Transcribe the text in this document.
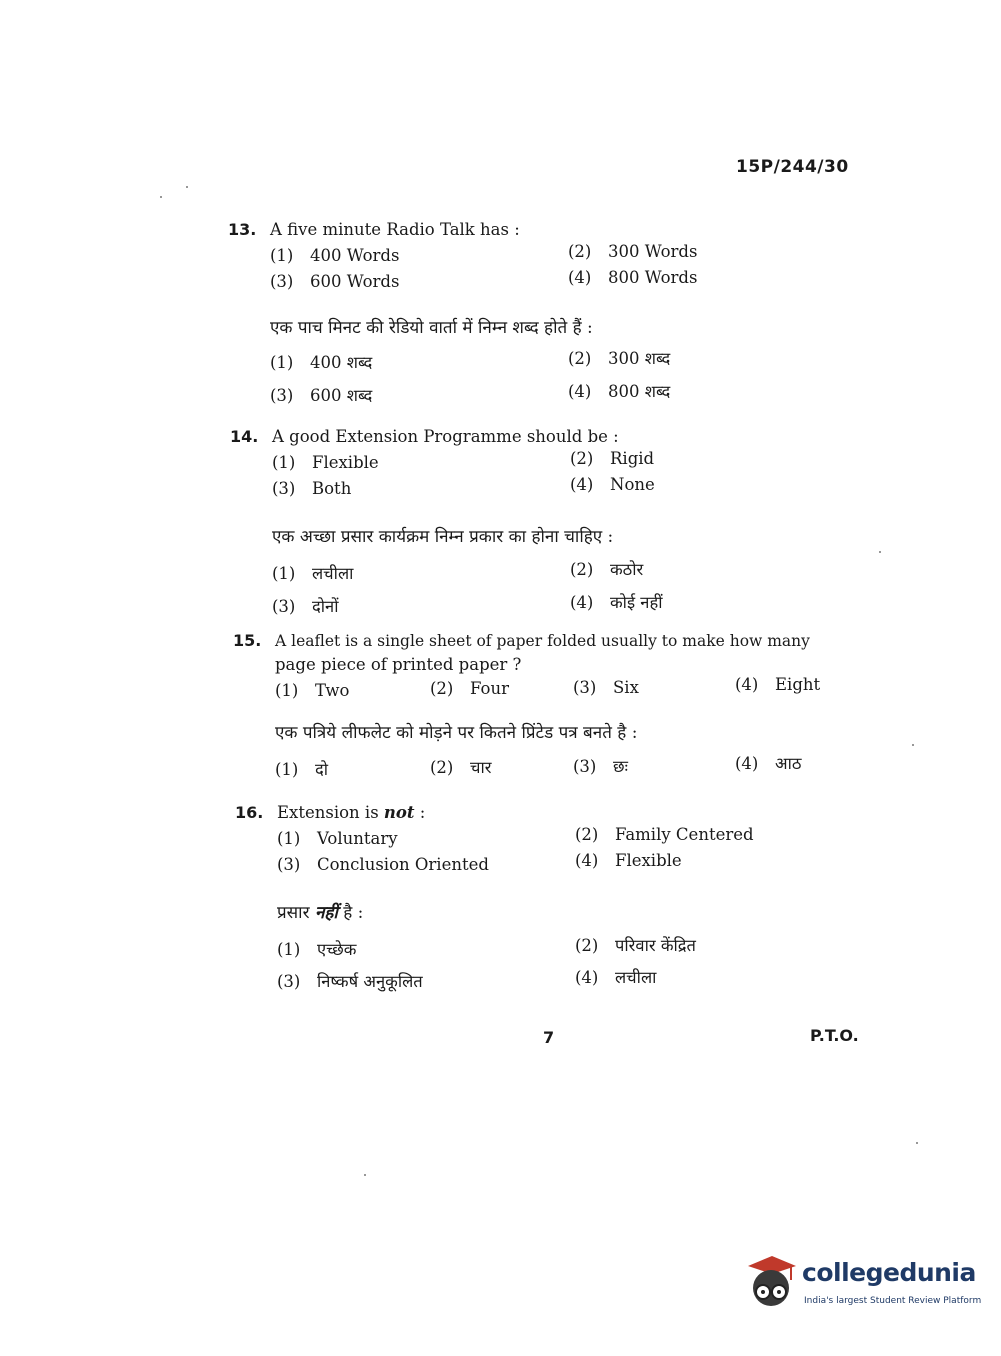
15P/244/30
13. A five minute Radio Talk has :
(1) 400 Words	(2) 300 Words
(3) 600 Words	(4) 800 Words
एक पाच मिनट की रेडियो वार्ता में निम्न शब्द होते हैं :
(1) 400 शब्द	(2) 300 शब्द
(3) 600 शब्द	(4) 800 शब्द
14. A good Extension Programme should be :
(1) Flexible	(2) Rigid
(3) Both	(4) None
एक अच्छा प्रसार कार्यक्रम निम्न प्रकार का होना चाहिए :
(1) लचीला	(2) कठोर
(3) दोनों	(4) कोई नहीं
15. A leaflet is a single sheet of paper folded usually to make how many
page piece of printed paper ?
(1) Two	(2) Four	(3) Six	(4) Eight
एक पत्रिये लीफलेट को मोड़ने पर कितने प्रिंटेड पत्र बनते है :
(1) दो	(2) चार	(3) छः	(4) आठ
16. Extension is not :
(1) Voluntary	(2) Family Centered
(3) Conclusion Oriented	(4) Flexible
प्रसार नहीं है :
(1) एच्छेक	(2) परिवार केंद्रित
(3) निष्कर्ष अनुकूलित	(4) लचीला
7	P.T.O.
collegedunia
India's largest Student Review Platform
